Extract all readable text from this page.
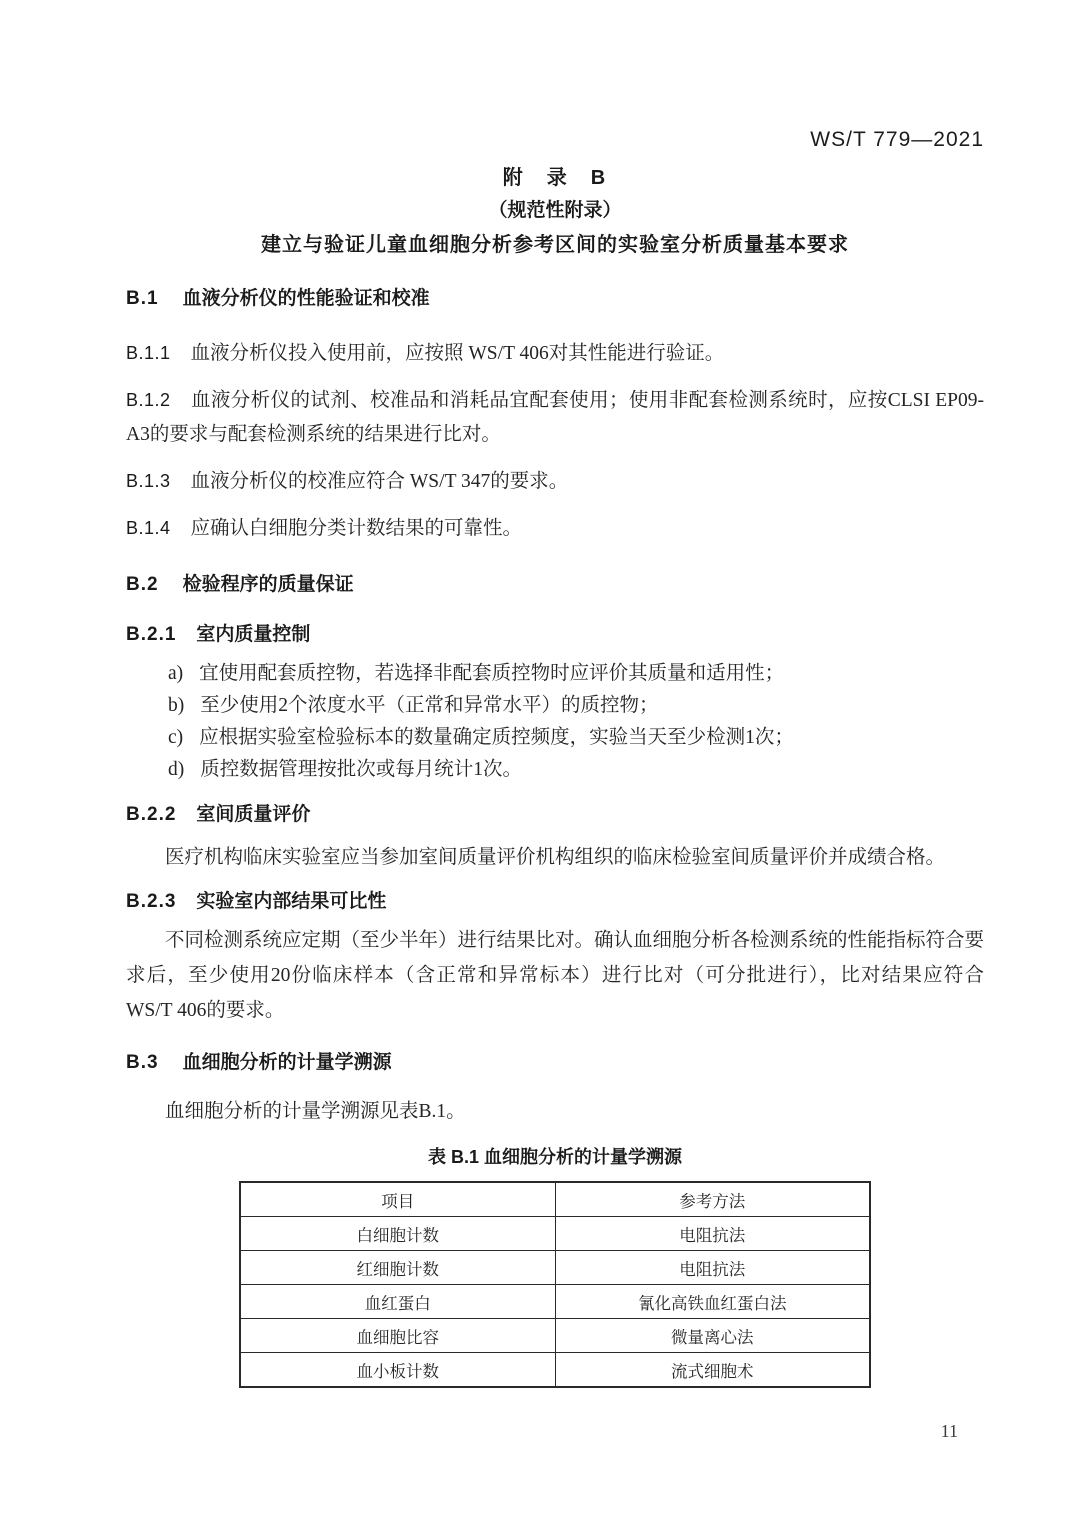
WS/T 779—2021
附　录　B
（规范性附录）
建立与验证儿童血细胞分析参考区间的实验室分析质量基本要求
B.1 血液分析仪的性能验证和校准

B.1.1 血液分析仪投入使用前，应按照 WS/T 406对其性能进行验证。

B.1.2 血液分析仪的试剂、校准品和消耗品宜配套使用；使用非配套检测系统时，应按CLSI EP09-A3的要求与配套检测系统的结果进行比对。

B.1.3 血液分析仪的校准应符合 WS/T 347的要求。

B.1.4 应确认白细胞分类计数结果的可靠性。

B.2 检验程序的质量保证
B.2.1 室内质量控制
a) 宜使用配套质控物，若选择非配套质控物时应评价其质量和适用性；
b) 至少使用2个浓度水平（正常和异常水平）的质控物；
c) 应根据实验室检验标本的数量确定质控频度，实验当天至少检测1次；
d) 质控数据管理按批次或每月统计1次。
B.2.2 室间质量评价

医疗机构临床实验室应当参加室间质量评价机构组织的临床检验室间质量评价并成绩合格。

B.2.3 实验室内部结果可比性

不同检测系统应定期（至少半年）进行结果比对。确认血细胞分析各检测系统的性能指标符合要求后，至少使用20份临床样本（含正常和异常标本）进行比对（可分批进行），比对结果应符合 WS/T 406的要求。

B.3 血细胞分析的计量学溯源

血细胞分析的计量学溯源见表B.1。

表 B.1 血细胞分析的计量学溯源
项目	参考方法
白细胞计数	电阻抗法
红细胞计数	电阻抗法
血红蛋白	氰化高铁血红蛋白法
血细胞比容	微量离心法
血小板计数	流式细胞术
11
